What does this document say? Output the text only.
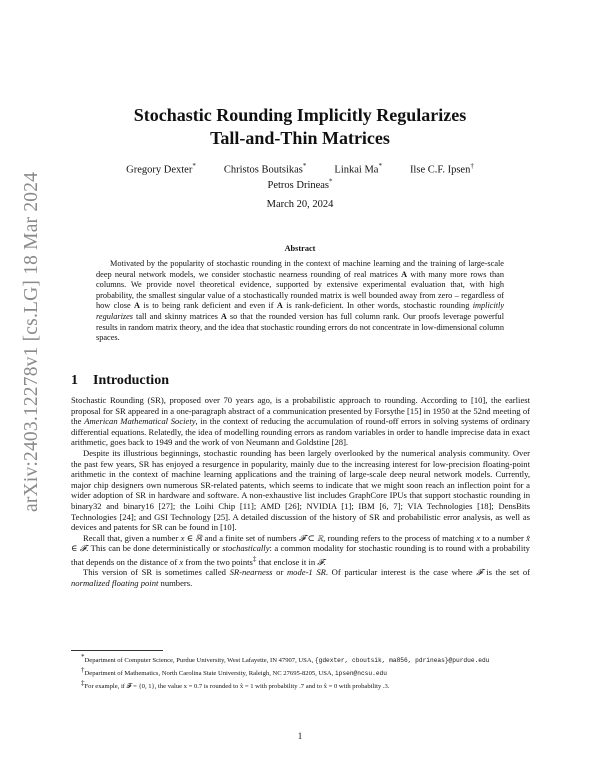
arXiv:2403.12278v1 [cs.LG] 18 Mar 2024
Stochastic Rounding Implicitly Regularizes
Tall-and-Thin Matrices
Gregory Dexter*	Christos Boutsikas*	Linkai Ma*	Ilse C.F. Ipsen†
Petros Drineas*
March 20, 2024
Abstract

Motivated by the popularity of stochastic rounding in the context of machine learning and the training of large-scale deep neural network models, we consider stochastic nearness rounding of real matrices A with many more rows than columns. We provide novel theoretical evidence, supported by extensive experimental evaluation that, with high probability, the smallest singular value of a stochastically rounded matrix is well bounded away from zero – regardless of how close A is to being rank deficient and even if A is rank-deficient. In other words, stochastic rounding implicitly regularizes tall and skinny matrices A so that the rounded version has full column rank. Our proofs leverage powerful results in random matrix theory, and the idea that stochastic rounding errors do not concentrate in low-dimensional column spaces.

1 Introduction

Stochastic Rounding (SR), proposed over 70 years ago, is a probabilistic approach to rounding. According to [10], the earliest proposal for SR appeared in a one-paragraph abstract of a communication presented by Forsythe [15] in 1950 at the 52nd meeting of the American Mathematical Society, in the context of reducing the accumulation of round-off errors in solving systems of ordinary differential equations. Relatedly, the idea of modelling rounding errors as random variables in order to handle imprecise data in exact arithmetic, goes back to 1949 and the work of von Neumann and Goldstine [28].

Despite its illustrious beginnings, stochastic rounding has been largely overlooked by the numerical analysis community. Over the past few years, SR has enjoyed a resurgence in popularity, mainly due to the increasing interest for low-precision floating-point arithmetic in the context of machine learning applications and the training of large-scale deep neural network models. Currently, major chip designers own numerous SR-related patents, which seems to indicate that we might soon reach an inflection point for a wider adoption of SR in hardware and software. A non-exhaustive list includes GraphCore IPUs that support stochastic rounding in binary32 and binary16 [27]; the Loihi Chip [11]; AMD [26]; NVIDIA [1]; IBM [6, 7]; VIA Technologies [18]; DensBits Technologies [24]; and GSI Technology [25]. A detailed discussion of the history of SR and probabilistic error analysis, as well as devices and patents for SR can be found in [10].

Recall that, given a number x ∈ ℝ and a finite set of numbers 𝓕 ⊂ ℝ, rounding refers to the process of matching x to a number x̂ ∈ 𝓕. This can be done deterministically or stochastically: a common modality for stochastic rounding is to round with a probability that depends on the distance of x from the two points‡ that enclose it in 𝓕.

This version of SR is sometimes called SR-nearness or mode-1 SR. Of particular interest is the case where 𝓕 is the set of normalized floating point numbers.

*Department of Computer Science, Purdue University, West Lafayette, IN 47907, USA, {gdexter, cboutsik, ma856, pdrineas}@purdue.edu
†Department of Mathematics, North Carolina State University, Raleigh, NC 27695-8205, USA, ipsen@ncsu.edu
‡For example, if 𝓕 = {0, 1}, the value x = 0.7 is rounded to x̂ = 1 with probability .7 and to x̂ = 0 with probability .3.
1
